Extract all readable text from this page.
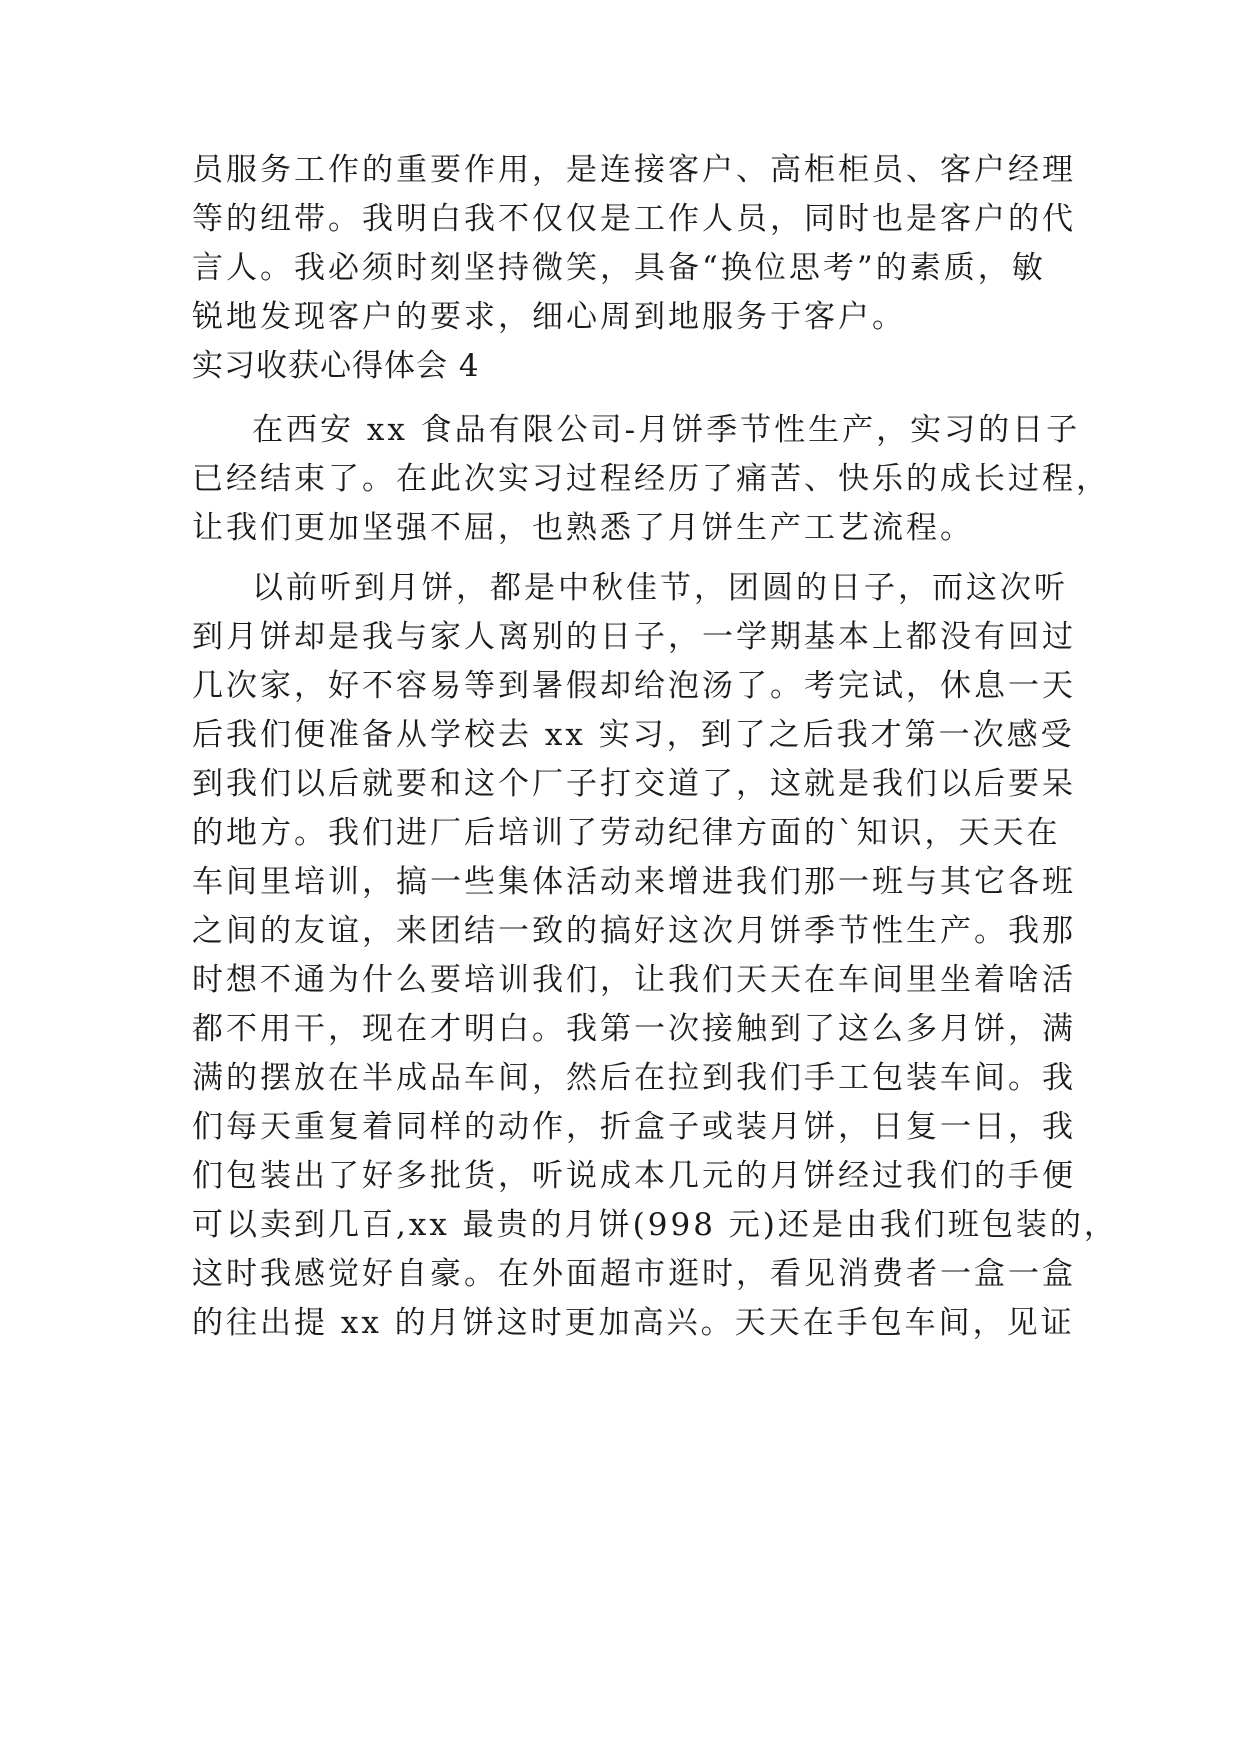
员服务工作的重要作用，是连接客户、高柜柜员、客户经理
等的纽带。我明白我不仅仅是工作人员，同时也是客户的代
言人。我必须时刻坚持微笑，具备“换位思考”的素质，敏
锐地发现客户的要求，细心周到地服务于客户。
实习收获心得体会 4
在西安 xx 食品有限公司-月饼季节性生产，实习的日子
已经结束了。在此次实习过程经历了痛苦、快乐的成长过程，
让我们更加坚强不屈，也熟悉了月饼生产工艺流程。
以前听到月饼，都是中秋佳节，团圆的日子，而这次听
到月饼却是我与家人离别的日子，一学期基本上都没有回过
几次家，好不容易等到暑假却给泡汤了。考完试，休息一天
后我们便准备从学校去 xx 实习，到了之后我才第一次感受
到我们以后就要和这个厂子打交道了，这就是我们以后要呆
的地方。我们进厂后培训了劳动纪律方面的`知识，天天在
车间里培训，搞一些集体活动来增进我们那一班与其它各班
之间的友谊，来团结一致的搞好这次月饼季节性生产。我那
时想不通为什么要培训我们，让我们天天在车间里坐着啥活
都不用干，现在才明白。我第一次接触到了这么多月饼，满
满的摆放在半成品车间，然后在拉到我们手工包装车间。我
们每天重复着同样的动作，折盒子或装月饼，日复一日，我
们包装出了好多批货，听说成本几元的月饼经过我们的手便
可以卖到几百,xx 最贵的月饼(998 元)还是由我们班包装的，
这时我感觉好自豪。在外面超市逛时，看见消费者一盒一盒
的往出提 xx 的月饼这时更加高兴。天天在手包车间，见证
